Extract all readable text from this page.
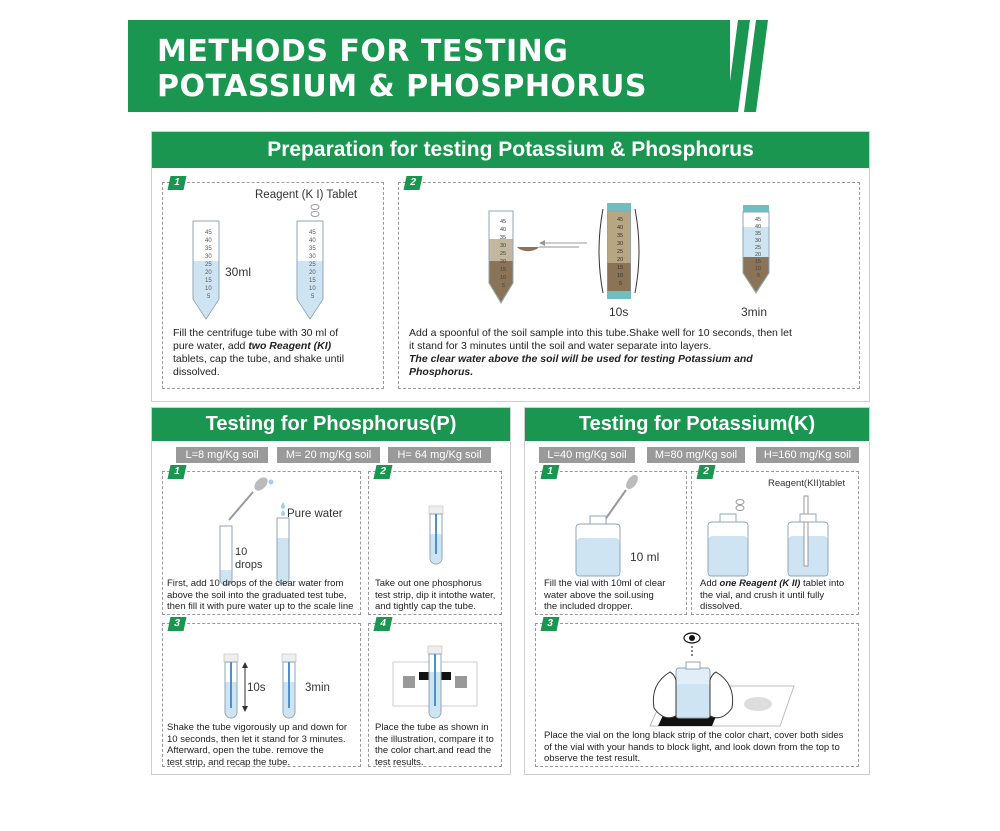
METHODS FOR TESTING
POTASSIUM & PHOSPHORUS
Preparation for testing Potassium & Phosphorus
1
Reagent (K I) Tablet
45
40
35
30
25
20
15
10
5
30ml
45
40
35
30
25
20
15
10
5
Fill the centrifuge tube with 30 ml of
pure water, add two Reagent (KI)
tablets, cap the tube, and shake until
dissolved.
2
45
40
35
30
25
20
15
10
5
45
40
35
30
25
20
15
10
5
10s
45
40
35
30
25
20
15
10
5
3min
Add a spoonful of the soil sample into this tube.Shake well for 10 seconds, then let
it stand for 3 minutes until the soil and water separate into layers.
The clear water above the soil will be used for testing Potassium and
Phosphorus.
Testing for Phosphorus(P)
L=8 mg/Kg soil	M= 20 mg/Kg soil	H= 64 mg/Kg soil
1
10
drops
Pure water
First, add 10 drops of the clear water from
above the soil into the graduated test tube,
then fill it with pure water up to the scale line
2
Take out one phosphorus
test strip, dip it intothe water,
and tightly cap the tube.
3
10s	3min
Shake the tube vigorously up and down for
10 seconds, then let it stand for 3 minutes.
Afterward, open the tube. remove the
test strip, and recap the tube.
4
Place the tube as shown in
the illustration, compare it to
the color chart.and read the
test results.
Testing for Potassium(K)
L=40 mg/Kg soil	M=80 mg/Kg soil	H=160 mg/Kg soil
1
10 ml
Fill the vial with 10ml of clear
water above the soil.using
the included dropper.
2
Reagent(KII)tablet
Add one Reagent (K II) tablet into
the vial, and crush it until fully
dissolved.
3
Place the vial on the long black strip of the color chart, cover both sides
of the vial with your hands to block light, and look down from the top to
observe the test result.
